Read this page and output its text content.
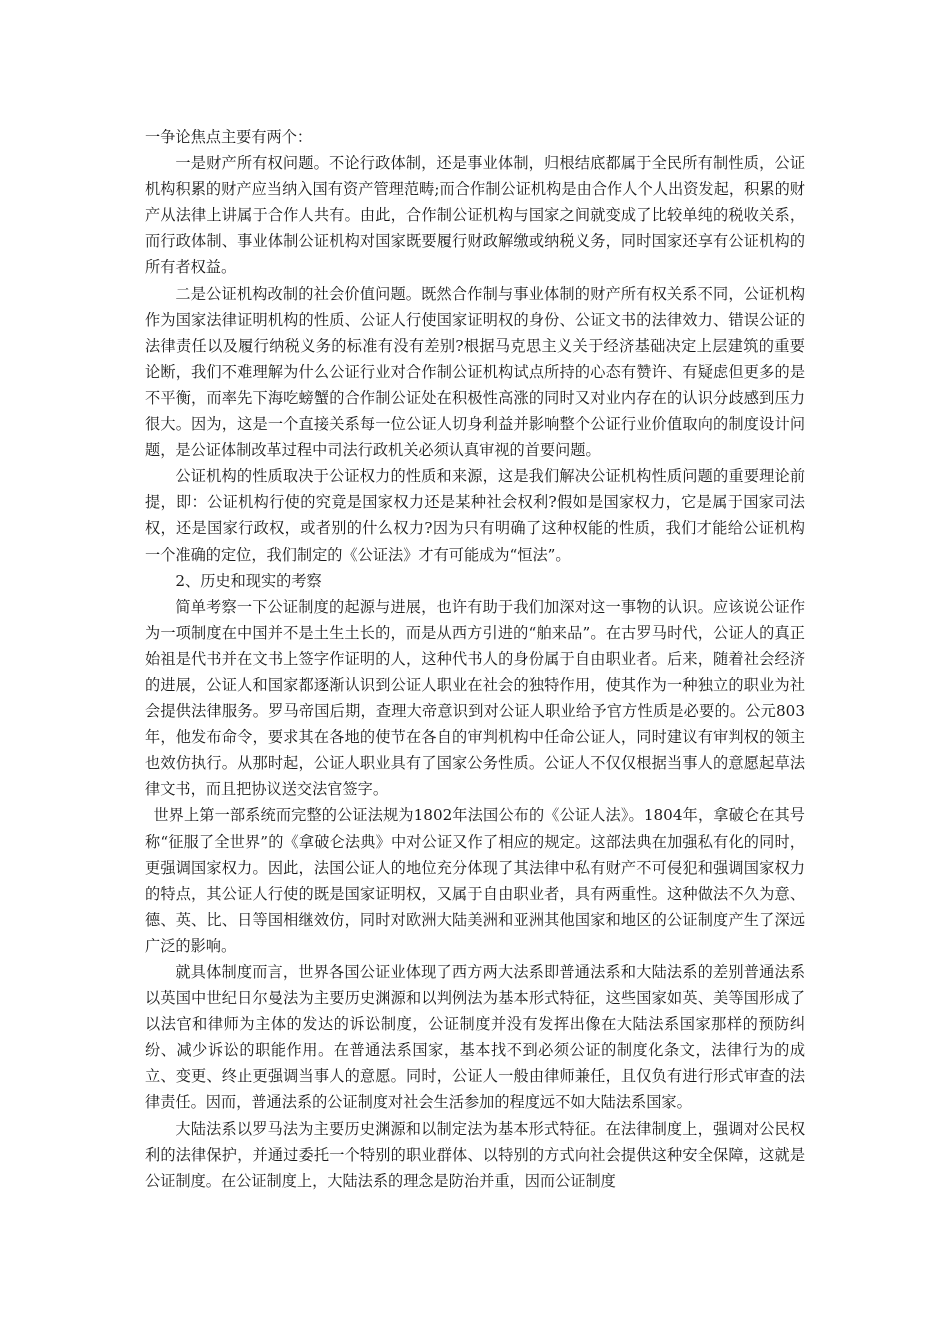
一争论焦点主要有两个：

一是财产所有权问题。不论行政体制，还是事业体制，归根结底都属于全民所有制性质，公证机构积累的财产应当纳入国有资产管理范畴;而合作制公证机构是由合作人个人出资发起，积累的财产从法律上讲属于合作人共有。由此，合作制公证机构与国家之间就变成了比较单纯的税收关系，而行政体制、事业体制公证机构对国家既要履行财政解缴或纳税义务，同时国家还享有公证机构的所有者权益。

二是公证机构改制的社会价值问题。既然合作制与事业体制的财产所有权关系不同，公证机构作为国家法律证明机构的性质、公证人行使国家证明权的身份、公证文书的法律效力、错误公证的法律责任以及履行纳税义务的标准有没有差别?根据马克思主义关于经济基础决定上层建筑的重要论断，我们不难理解为什么公证行业对合作制公证机构试点所持的心态有赞许、有疑虑但更多的是不平衡，而率先下海吃螃蟹的合作制公证处在积极性高涨的同时又对业内存在的认识分歧感到压力很大。因为，这是一个直接关系每一位公证人切身利益并影响整个公证行业价值取向的制度设计问题，是公证体制改革过程中司法行政机关必须认真审视的首要问题。

公证机构的性质取决于公证权力的性质和来源，这是我们解决公证机构性质问题的重要理论前提，即：公证机构行使的究竟是国家权力还是某种社会权利?假如是国家权力，它是属于国家司法权，还是国家行政权，或者别的什么权力?因为只有明确了这种权能的性质，我们才能给公证机构一个准确的定位，我们制定的《公证法》才有可能成为“恒法”。

2、历史和现实的考察

简单考察一下公证制度的起源与进展，也许有助于我们加深对这一事物的认识。应该说公证作为一项制度在中国并不是土生土长的，而是从西方引进的“舶来品”。在古罗马时代，公证人的真正始祖是代书并在文书上签字作证明的人，这种代书人的身份属于自由职业者。后来，随着社会经济的进展，公证人和国家都逐渐认识到公证人职业在社会的独特作用，使其作为一种独立的职业为社会提供法律服务。罗马帝国后期，查理大帝意识到对公证人职业给予官方性质是必要的。公元803年，他发布命令，要求其在各地的使节在各自的审判机构中任命公证人，同时建议有审判权的领主也效仿执行。从那时起，公证人职业具有了国家公务性质。公证人不仅仅根据当事人的意愿起草法律文书，而且把协议送交法官签字。

世界上第一部系统而完整的公证法规为1802年法国公布的《公证人法》。1804年，拿破仑在其号称“征服了全世界”的《拿破仑法典》中对公证又作了相应的规定。这部法典在加强私有化的同时，更强调国家权力。因此，法国公证人的地位充分体现了其法律中私有财产不可侵犯和强调国家权力的特点，其公证人行使的既是国家证明权，又属于自由职业者，具有两重性。这种做法不久为意、德、英、比、日等国相继效仿，同时对欧洲大陆美洲和亚洲其他国家和地区的公证制度产生了深远广泛的影响。

就具体制度而言，世界各国公证业体现了西方两大法系即普通法系和大陆法系的差别普通法系以英国中世纪日尔曼法为主要历史渊源和以判例法为基本形式特征，这些国家如英、美等国形成了以法官和律师为主体的发达的诉讼制度，公证制度并没有发挥出像在大陆法系国家那样的预防纠纷、减少诉讼的职能作用。在普通法系国家，基本找不到必须公证的制度化条文，法律行为的成立、变更、终止更强调当事人的意愿。同时，公证人一般由律师兼任，且仅负有进行形式审查的法律责任。因而，普通法系的公证制度对社会生活参加的程度远不如大陆法系国家。

大陆法系以罗马法为主要历史渊源和以制定法为基本形式特征。在法律制度上，强调对公民权利的法律保护，并通过委托一个特别的职业群体、以特别的方式向社会提供这种安全保障，这就是公证制度。在公证制度上，大陆法系的理念是防治并重，因而公证制度
